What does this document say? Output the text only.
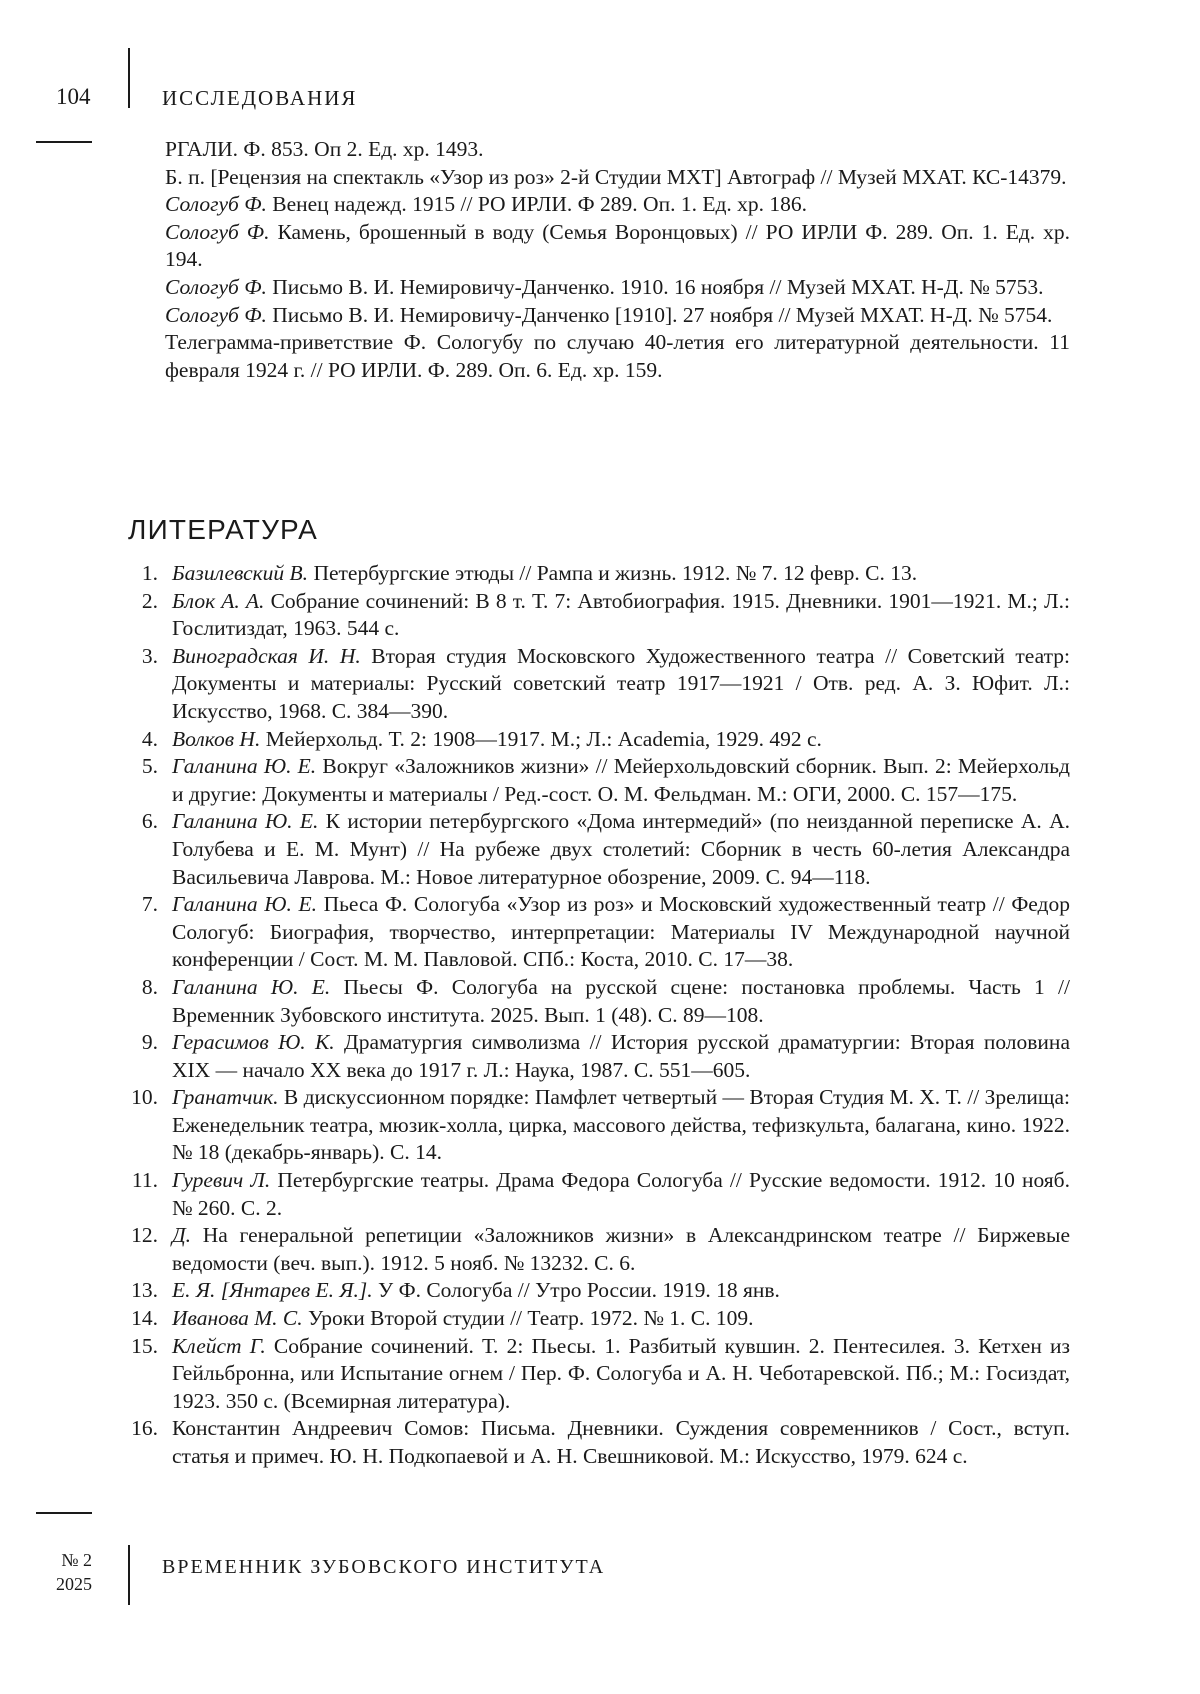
104	ИССЛЕДОВАНИЯ
РГАЛИ. Ф. 853. Оп 2. Ед. хр. 1493.
Б. п. [Рецензия на спектакль «Узор из роз» 2-й Студии МХТ] Автограф // Музей МХАТ. КС-14379.
Сологуб Ф. Венец надежд. 1915 // РО ИРЛИ. Ф 289. Оп. 1. Ед. хр. 186.
Сологуб Ф. Камень, брошенный в воду (Семья Воронцовых) // РО ИРЛИ Ф. 289. Оп. 1. Ед. хр. 194.
Сологуб Ф. Письмо В. И. Немировичу-Данченко. 1910. 16 ноября // Музей МХАТ. Н-Д. № 5753.
Сологуб Ф. Письмо В. И. Немировичу-Данченко [1910]. 27 ноября // Музей МХАТ. Н-Д. № 5754.
Телеграмма-приветствие Ф. Сологубу по случаю 40-летия его литературной деятельности. 11 февраля 1924 г. // РО ИРЛИ. Ф. 289. Оп. 6. Ед. хр. 159.
ЛИТЕРАТУРА
1. Базилевский В. Петербургские этюды // Рампа и жизнь. 1912. № 7. 12 февр. С. 13.
2. Блок А. А. Собрание сочинений: В 8 т. Т. 7: Автобиография. 1915. Дневники. 1901—1921. М.; Л.: Гослитиздат, 1963. 544 с.
3. Виноградская И. Н. Вторая студия Московского Художественного театра // Советский театр: Документы и материалы: Русский советский театр 1917—1921 / Отв. ред. А. З. Юфит. Л.: Искусство, 1968. С. 384—390.
4. Волков Н. Мейерхольд. Т. 2: 1908—1917. М.; Л.: Academia, 1929. 492 с.
5. Галанина Ю. Е. Вокруг «Заложников жизни» // Мейерхольдовский сборник. Вып. 2: Мейерхольд и другие: Документы и материалы / Ред.-сост. О. М. Фельдман. М.: ОГИ, 2000. С. 157—175.
6. Галанина Ю. Е. К истории петербургского «Дома интермедий» (по неизданной переписке А. А. Голубева и Е. М. Мунт) // На рубеже двух столетий: Сборник в честь 60-летия Александра Васильевича Лаврова. М.: Новое литературное обозрение, 2009. С. 94—118.
7. Галанина Ю. Е. Пьеса Ф. Сологуба «Узор из роз» и Московский художественный театр // Федор Сологуб: Биография, творчество, интерпретации: Материалы IV Международной научной конференции / Сост. М. М. Павловой. СПб.: Коста, 2010. С. 17—38.
8. Галанина Ю. Е. Пьесы Ф. Сологуба на русской сцене: постановка проблемы. Часть 1 // Временник Зубовского института. 2025. Вып. 1 (48). С. 89—108.
9. Герасимов Ю. К. Драматургия символизма // История русской драматургии: Вторая половина XIX — начало XX века до 1917 г. Л.: Наука, 1987. С. 551—605.
10. Гранатчик. В дискуссионном порядке: Памфлет четвертый — Вторая Студия М. Х. Т. // Зрелища: Еженедельник театра, мюзик-холла, цирка, массового действа, тефизкульта, балагана, кино. 1922. № 18 (декабрь-январь). С. 14.
11. Гуревич Л. Петербургские театры. Драма Федора Сологуба // Русские ведомости. 1912. 10 нояб. № 260. С. 2.
12. Д. На генеральной репетиции «Заложников жизни» в Александринском театре // Биржевые ведомости (веч. вып.). 1912. 5 нояб. № 13232. С. 6.
13. Е. Я. [Янтарев Е. Я.]. У Ф. Сологуба // Утро России. 1919. 18 янв.
14. Иванова М. С. Уроки Второй студии // Театр. 1972. № 1. С. 109.
15. Клейст Г. Собрание сочинений. Т. 2: Пьесы. 1. Разбитый кувшин. 2. Пентесилея. 3. Кетхен из Гейльбронна, или Испытание огнем / Пер. Ф. Сологуба и А. Н. Чеботаревской. Пб.; М.: Госиздат, 1923. 350 с. (Всемирная литература).
16. Константин Андреевич Сомов: Письма. Дневники. Суждения современников / Сост., вступ. статья и примеч. Ю. Н. Подкопаевой и А. Н. Свешниковой. М.: Искусство, 1979. 624 с.
№ 2
2025
ВРЕМЕННИК ЗУБОВСКОГО ИНСТИТУТА
